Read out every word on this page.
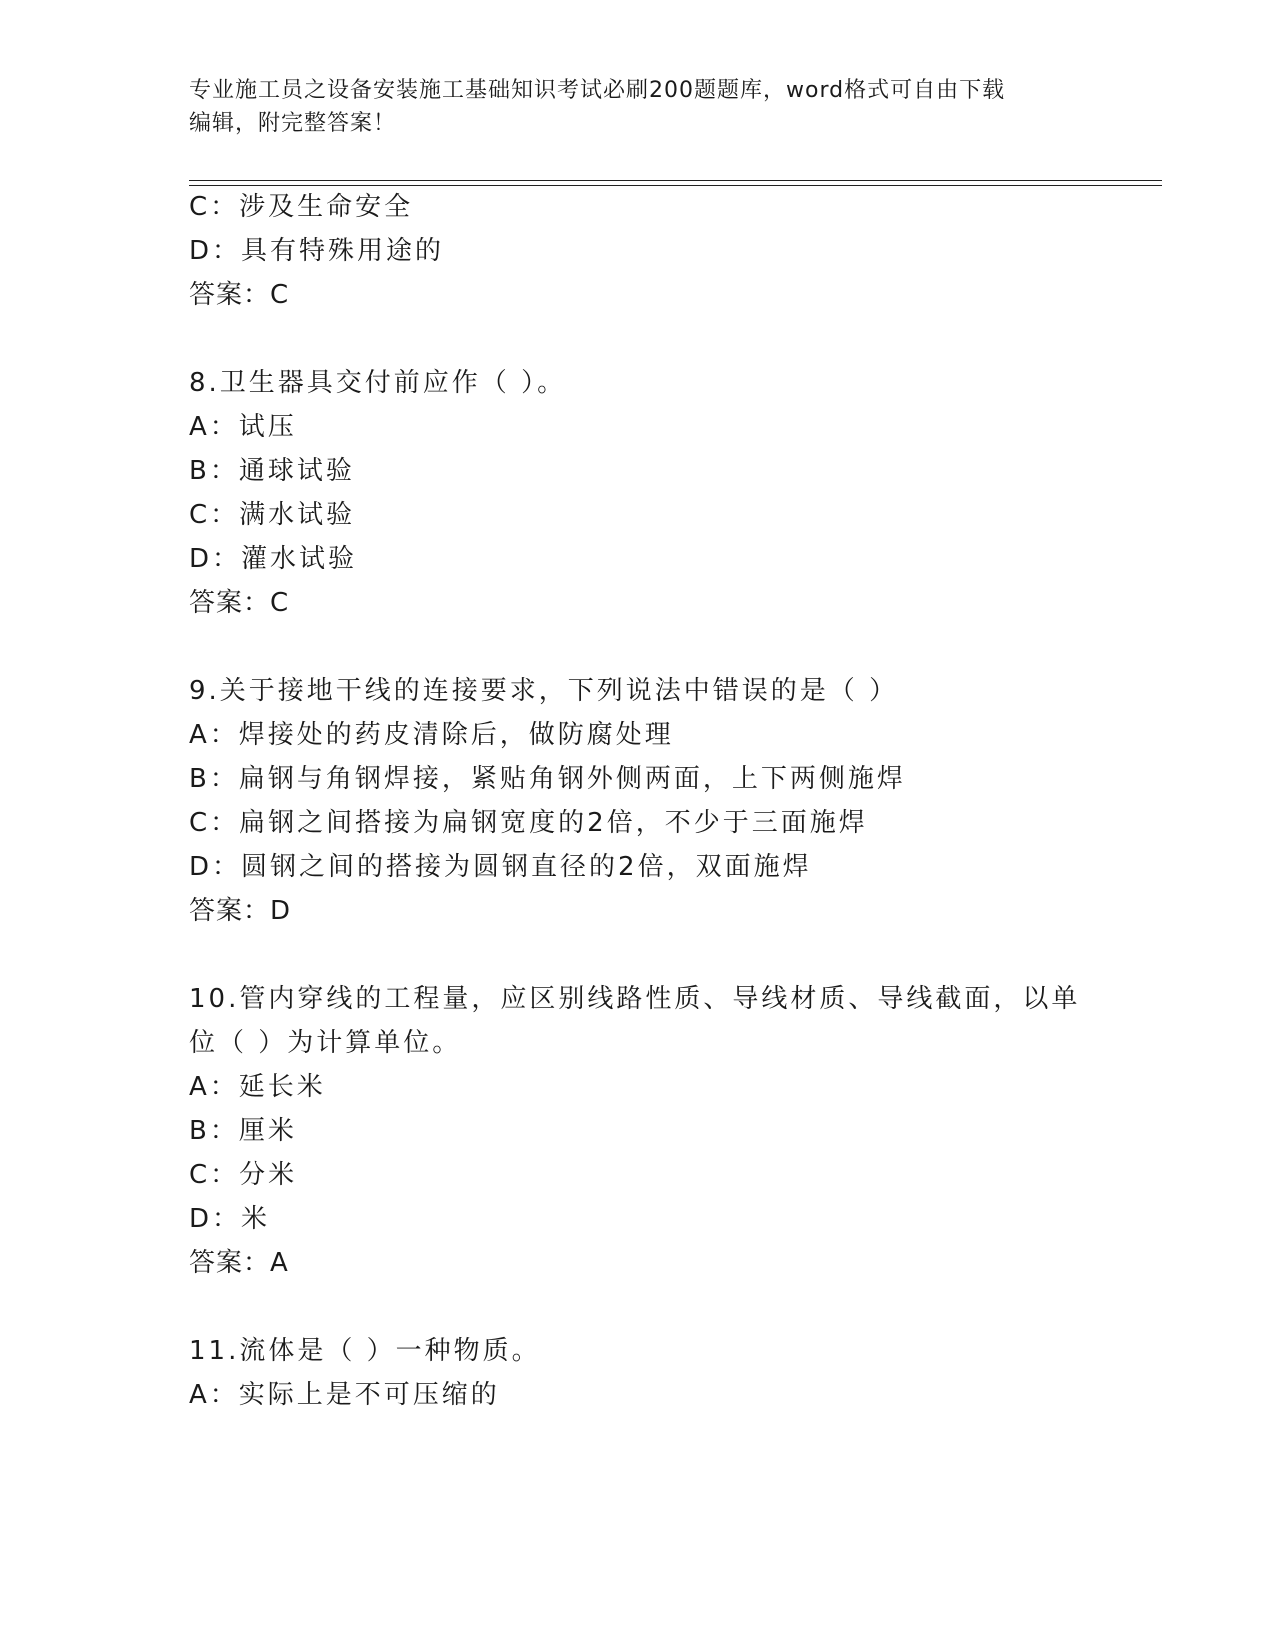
专业施工员之设备安装施工基础知识考试必刷200题题库，word格式可自由下载
编辑，附完整答案！
C：涉及生命安全
D：具有特殊用途的
答案：C
8.卫生器具交付前应作（ ）。
A：试压
B：通球试验
C：满水试验
D：灌水试验
答案：C
9.关于接地干线的连接要求，下列说法中错误的是（ ）
A：焊接处的药皮清除后，做防腐处理
B：扁钢与角钢焊接，紧贴角钢外侧两面，上下两侧施焊
C：扁钢之间搭接为扁钢宽度的2倍，不少于三面施焊
D：圆钢之间的搭接为圆钢直径的2倍，双面施焊
答案：D
10.管内穿线的工程量，应区别线路性质、导线材质、导线截面，以单
位（ ）为计算单位。
A：延长米
B：厘米
C：分米
D：米
答案：A
11.流体是（ ）一种物质。
A：实际上是不可压缩的
